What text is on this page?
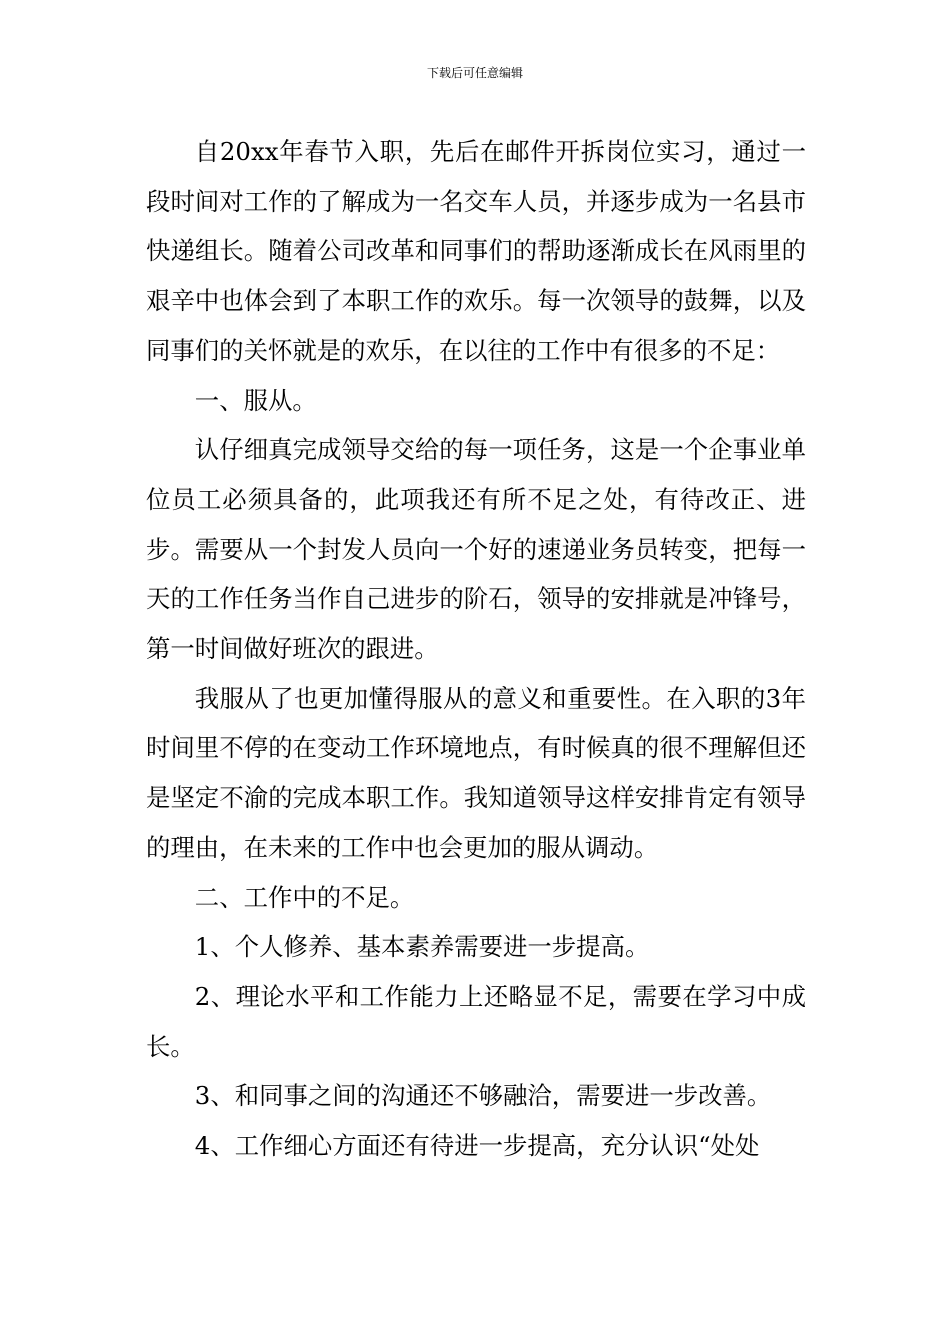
下载后可任意编辑

自20xx年春节入职，先后在邮件开拆岗位实习，通过一段时间对工作的了解成为一名交车人员，并逐步成为一名县市快递组长。随着公司改革和同事们的帮助逐渐成长在风雨里的艰辛中也体会到了本职工作的欢乐。每一次领导的鼓舞，以及同事们的关怀就是的欢乐，在以往的工作中有很多的不足：

一、服从。

认仔细真完成领导交给的每一项任务，这是一个企事业单位员工必须具备的，此项我还有所不足之处，有待改正、进步。需要从一个封发人员向一个好的速递业务员转变，把每一天的工作任务当作自己进步的阶石，领导的安排就是冲锋号，第一时间做好班次的跟进。

我服从了也更加懂得服从的意义和重要性。在入职的3年时间里不停的在变动工作环境地点，有时候真的很不理解但还是坚定不渝的完成本职工作。我知道领导这样安排肯定有领导的理由，在未来的工作中也会更加的服从调动。

二、工作中的不足。

1、个人修养、基本素养需要进一步提高。

2、理论水平和工作能力上还略显不足，需要在学习中成长。

3、和同事之间的沟通还不够融洽，需要进一步改善。

4、工作细心方面还有待进一步提高，充分认识“处处
